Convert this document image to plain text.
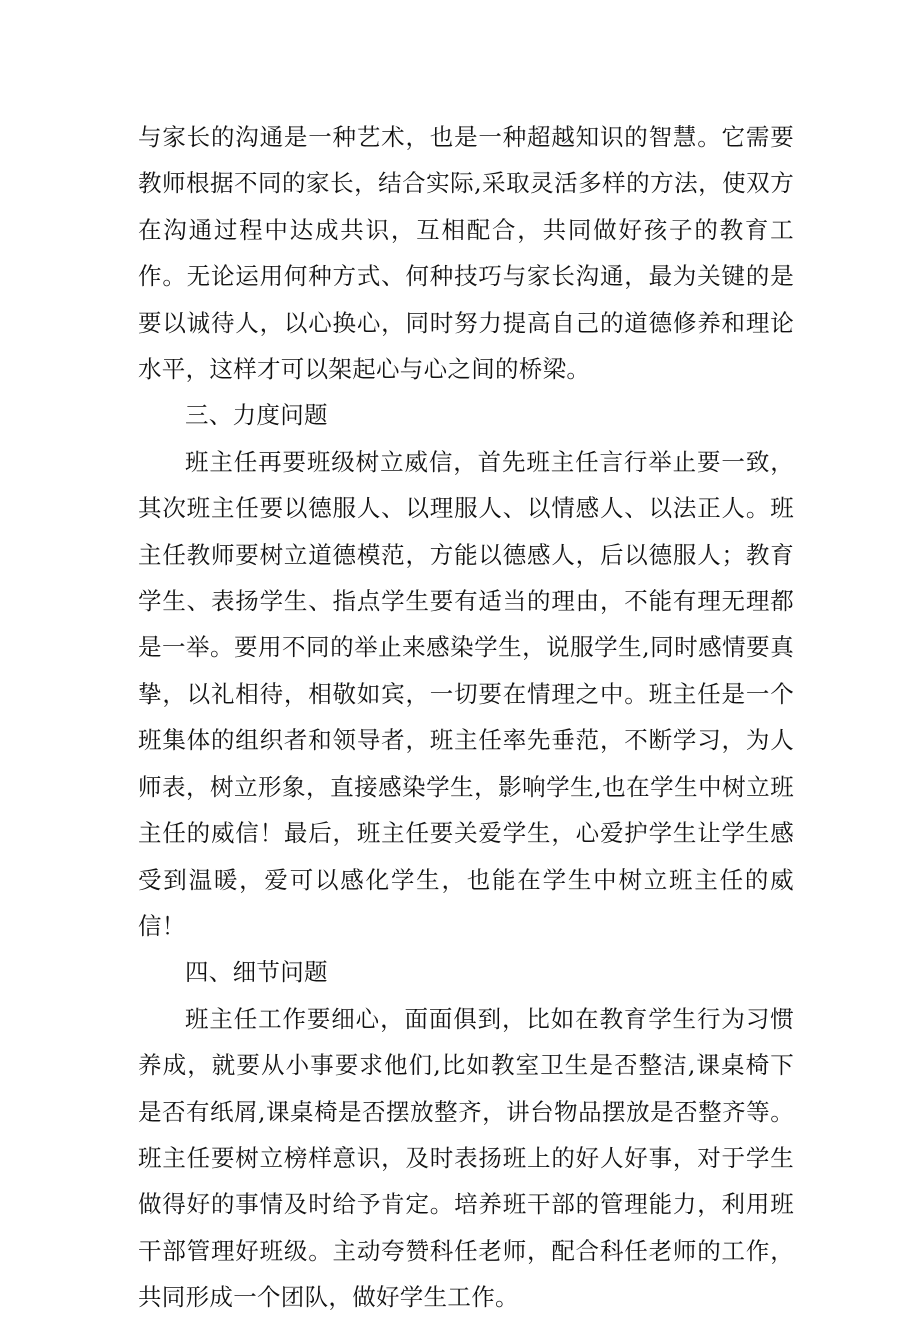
与家长的沟通是一种艺术，也是一种超越知识的智慧。它需要教师根据不同的家长，结合实际,采取灵活多样的方法，使双方在沟通过程中达成共识，互相配合，共同做好孩子的教育工作。无论运用何种方式、何种技巧与家长沟通，最为关键的是要以诚待人，以心换心，同时努力提高自己的道德修养和理论水平，这样才可以架起心与心之间的桥梁。

三、力度问题

班主任再要班级树立威信，首先班主任言行举止要一致，其次班主任要以德服人、以理服人、以情感人、以法正人。班主任教师要树立道德模范，方能以德感人，后以德服人；教育学生、表扬学生、指点学生要有适当的理由，不能有理无理都是一举。要用不同的举止来感染学生，说服学生,同时感情要真挚，以礼相待，相敬如宾，一切要在情理之中。班主任是一个班集体的组织者和领导者，班主任率先垂范，不断学习，为人师表，树立形象，直接感染学生，影响学生,也在学生中树立班主任的威信！最后，班主任要关爱学生，心爱护学生让学生感受到温暖，爱可以感化学生，也能在学生中树立班主任的威信！

四、细节问题

班主任工作要细心，面面俱到，比如在教育学生行为习惯养成，就要从小事要求他们,比如教室卫生是否整洁,课桌椅下是否有纸屑,课桌椅是否摆放整齐，讲台物品摆放是否整齐等。班主任要树立榜样意识，及时表扬班上的好人好事，对于学生做得好的事情及时给予肯定。培养班干部的管理能力，利用班干部管理好班级。主动夸赞科任老师，配合科任老师的工作，共同形成一个团队，做好学生工作。
